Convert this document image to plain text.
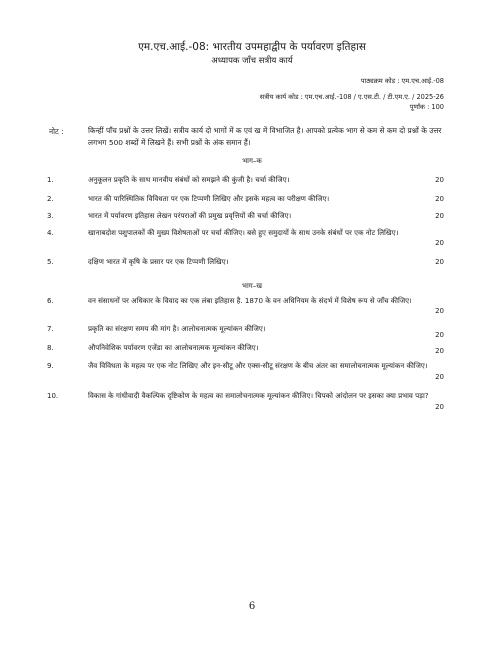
एम.एच.आई.-08: भारतीय उपमहाद्वीप के पर्यावरण इतिहास
अध्यापक जाँच सत्रीय कार्य
पाठ्यक्रम कोड : एम.एच.आई.-08
सत्रीय कार्य कोड : एम.एच.आई.-108 / ए.एस.टी. / टी.एम.ए. / 2025-26
पूर्णांक : 100
नोट :	किन्हीं पाँच प्रश्नों के उत्तर लिखें। सत्रीय कार्य दो भागों में क एवं ख में विभाजित है। आपको प्रत्येक भाग से कम से कम दो प्रश्नों के उत्तर लगभग 500 शब्दों में लिखने हैं। सभी प्रश्नों के अंक समान हैं।
भाग–क
1.	अनुकूलन प्रकृति के साथ मानवीय संबंधों को समझने की कुंजी है। चर्चा कीजिए।	20
2.	भारत की पारिस्थितिक विविधता पर एक टिप्पणी लिखिए और इसके महत्व का परीक्षण कीजिए।	20
3.	भारत में पर्यावरण इतिहास लेखन परंपराओं की प्रमुख प्रवृत्तियों की चर्चा कीजिए।	20
4.	खानाबदोश पशुपालकों की मुख्य विशेषताओं पर चर्चा कीजिए। बसे हुए समुदायों के साथ उनके संबंधों पर एक नोट लिखिए।
20
5.	दक्षिण भारत में कृषि के प्रसार पर एक टिप्पणी लिखिए।	20
भाग–ख
6.	वन संसाधनों पर अधिकार के विवाद का एक लंबा इतिहास है. 1870 के वन अधिनियम के संदर्भ में विशेष रूप से जाँच कीजिए।
20
7.	प्रकृति का संरक्षण समय की मांग है। आलोचनात्मक मूल्यांकन कीजिए।
20
8.	औपनिवेशिक पर्यावरण एजेंडा का आलोचनात्मक मूल्यांकन कीजिए।	20
9.	जैव विविधता के महत्व पर एक नोट लिखिए और इन-सीटू और एक्स-सीटू संरक्षण के बीच अंतर का समालोचनात्मक मूल्यांकन कीजिए।
20
10.	विकास के गांधीवादी वैकल्पिक दृष्टिकोण के महत्व का समालोचनात्मक मूल्यांकन कीजिए। चिपको आंदोलन पर इसका क्या प्रभाव पड़ा?
20
6
